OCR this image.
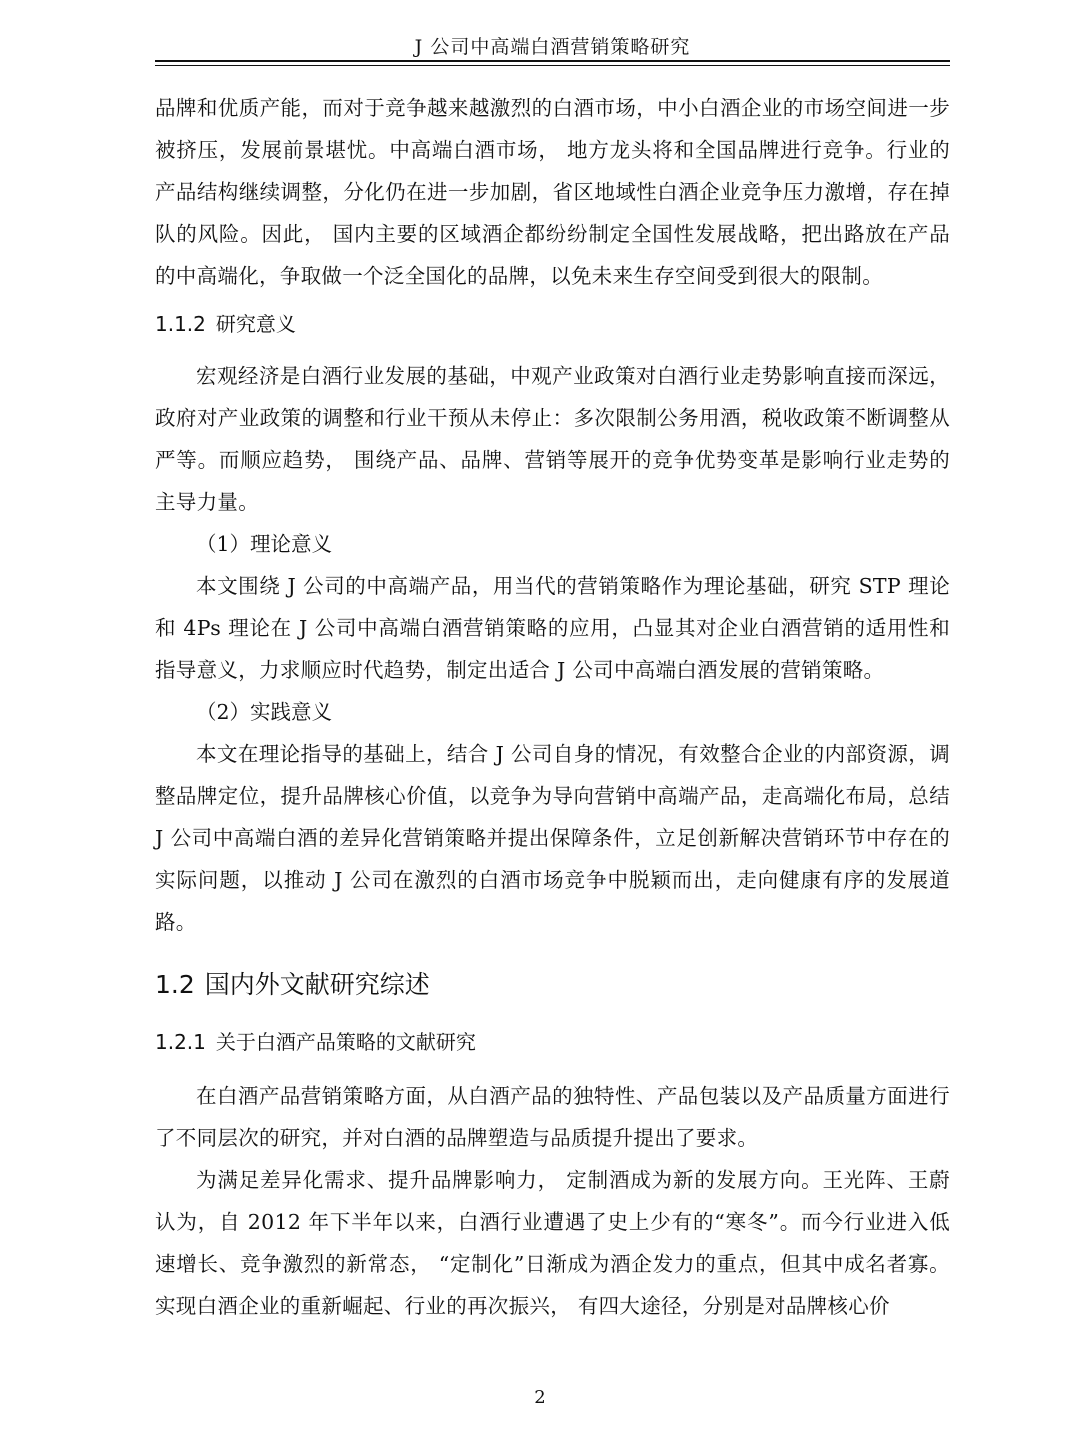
J 公司中高端白酒营销策略研究

品牌和优质产能，而对于竞争越来越激烈的白酒市场，中小白酒企业的市场空间进一步被挤压，发展前景堪忧。中高端白酒市场， 地方龙头将和全国品牌进行竞争。行业的产品结构继续调整，分化仍在进一步加剧，省区地域性白酒企业竞争压力激增，存在掉队的风险。因此， 国内主要的区域酒企都纷纷制定全国性发展战略，把出路放在产品的中高端化，争取做一个泛全国化的品牌，以免未来生存空间受到很大的限制。

1.1.2 研究意义

宏观经济是白酒行业发展的基础，中观产业政策对白酒行业走势影响直接而深远，政府对产业政策的调整和行业干预从未停止：多次限制公务用酒，税收政策不断调整从严等。而顺应趋势， 围绕产品、品牌、营销等展开的竞争优势变革是影响行业走势的主导力量。

（1）理论意义

本文围绕 J 公司的中高端产品，用当代的营销策略作为理论基础，研究 STP 理论和 4Ps 理论在 J 公司中高端白酒营销策略的应用，凸显其对企业白酒营销的适用性和指导意义，力求顺应时代趋势，制定出适合 J 公司中高端白酒发展的营销策略。

（2）实践意义

本文在理论指导的基础上，结合 J 公司自身的情况，有效整合企业的内部资源，调整品牌定位，提升品牌核心价值，以竞争为导向营销中高端产品，走高端化布局，总结 J 公司中高端白酒的差异化营销策略并提出保障条件，立足创新解决营销环节中存在的实际问题，以推动 J 公司在激烈的白酒市场竞争中脱颖而出，走向健康有序的发展道路。

1.2 国内外文献研究综述
1.2.1 关于白酒产品策略的文献研究

在白酒产品营销策略方面，从白酒产品的独特性、产品包装以及产品质量方面进行了不同层次的研究，并对白酒的品牌塑造与品质提升提出了要求。

为满足差异化需求、提升品牌影响力， 定制酒成为新的发展方向。王光阵、王蔚认为，自 2012 年下半年以来，白酒行业遭遇了史上少有的“寒冬”。而今行业进入低速增长、竞争激烈的新常态， “定制化”日渐成为酒企发力的重点，但其中成名者寡。实现白酒企业的重新崛起、行业的再次振兴， 有四大途径，分别是对品牌核心价

2
